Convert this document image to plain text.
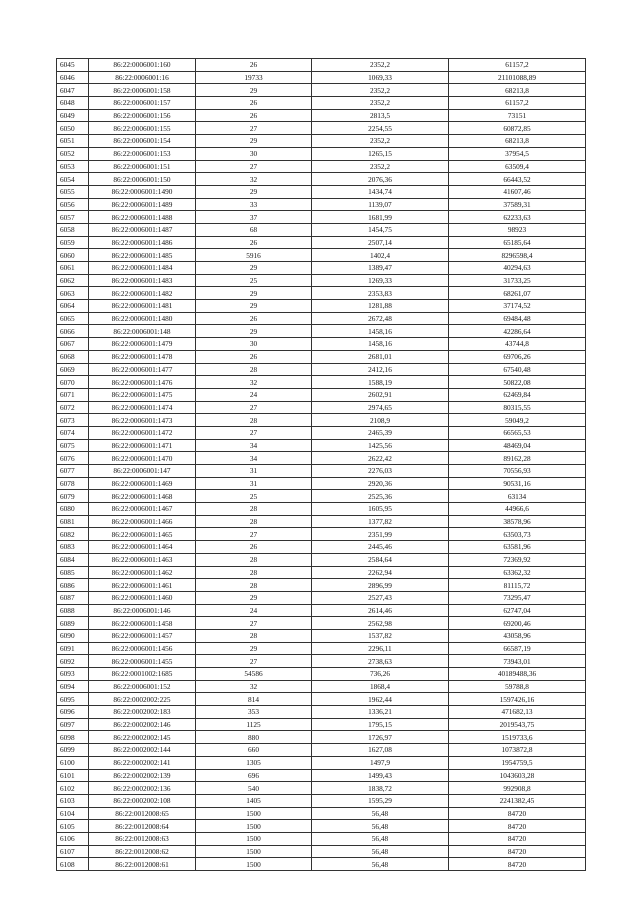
6045	86:22:0006001:160	26	2352,2	61157,2
6046	86:22:0006001:16	19733	1069,33	21101088,89
6047	86:22:0006001:158	29	2352,2	68213,8
6048	86:22:0006001:157	26	2352,2	61157,2
6049	86:22:0006001:156	26	2813,5	73151
6050	86:22:0006001:155	27	2254,55	60872,85
6051	86:22:0006001:154	29	2352,2	68213,8
6052	86:22:0006001:153	30	1265,15	37954,5
6053	86:22:0006001:151	27	2352,2	63509,4
6054	86:22:0006001:150	32	2076,36	66443,52
6055	86:22:0006001:1490	29	1434,74	41607,46
6056	86:22:0006001:1489	33	1139,07	37589,31
6057	86:22:0006001:1488	37	1681,99	62233,63
6058	86:22:0006001:1487	68	1454,75	98923
6059	86:22:0006001:1486	26	2507,14	65185,64
6060	86:22:0006001:1485	5916	1402,4	8296598,4
6061	86:22:0006001:1484	29	1389,47	40294,63
6062	86:22:0006001:1483	25	1269,33	31733,25
6063	86:22:0006001:1482	29	2353,83	68261,07
6064	86:22:0006001:1481	29	1281,88	37174,52
6065	86:22:0006001:1480	26	2672,48	69484,48
6066	86:22:0006001:148	29	1458,16	42286,64
6067	86:22:0006001:1479	30	1458,16	43744,8
6068	86:22:0006001:1478	26	2681,01	69706,26
6069	86:22:0006001:1477	28	2412,16	67540,48
6070	86:22:0006001:1476	32	1588,19	50822,08
6071	86:22:0006001:1475	24	2602,91	62469,84
6072	86:22:0006001:1474	27	2974,65	80315,55
6073	86:22:0006001:1473	28	2108,9	59049,2
6074	86:22:0006001:1472	27	2465,39	66565,53
6075	86:22:0006001:1471	34	1425,56	48469,04
6076	86:22:0006001:1470	34	2622,42	89162,28
6077	86:22:0006001:147	31	2276,03	70556,93
6078	86:22:0006001:1469	31	2920,36	90531,16
6079	86:22:0006001:1468	25	2525,36	63134
6080	86:22:0006001:1467	28	1605,95	44966,6
6081	86:22:0006001:1466	28	1377,82	38578,96
6082	86:22:0006001:1465	27	2351,99	63503,73
6083	86:22:0006001:1464	26	2445,46	63581,96
6084	86:22:0006001:1463	28	2584,64	72369,92
6085	86:22:0006001:1462	28	2262,94	63362,32
6086	86:22:0006001:1461	28	2896,99	81115,72
6087	86:22:0006001:1460	29	2527,43	73295,47
6088	86:22:0006001:146	24	2614,46	62747,04
6089	86:22:0006001:1458	27	2562,98	69200,46
6090	86:22:0006001:1457	28	1537,82	43058,96
6091	86:22:0006001:1456	29	2296,11	66587,19
6092	86:22:0006001:1455	27	2738,63	73943,01
6093	86:22:0001002:1685	54586	736,26	40189488,36
6094	86:22:0006001:152	32	1868,4	59788,8
6095	86:22:0002002:225	814	1962,44	1597426,16
6096	86:22:0002002:183	353	1336,21	471682,13
6097	86:22:0002002:146	1125	1795,15	2019543,75
6098	86:22:0002002:145	880	1726,97	1519733,6
6099	86:22:0002002:144	660	1627,08	1073872,8
6100	86:22:0002002:141	1305	1497,9	1954759,5
6101	86:22:0002002:139	696	1499,43	1043603,28
6102	86:22:0002002:136	540	1838,72	992908,8
6103	86:22:0002002:108	1405	1595,29	2241382,45
6104	86:22:0012008:65	1500	56,48	84720
6105	86:22:0012008:64	1500	56,48	84720
6106	86:22:0012008:63	1500	56,48	84720
6107	86:22:0012008:62	1500	56,48	84720
6108	86:22:0012008:61	1500	56,48	84720
